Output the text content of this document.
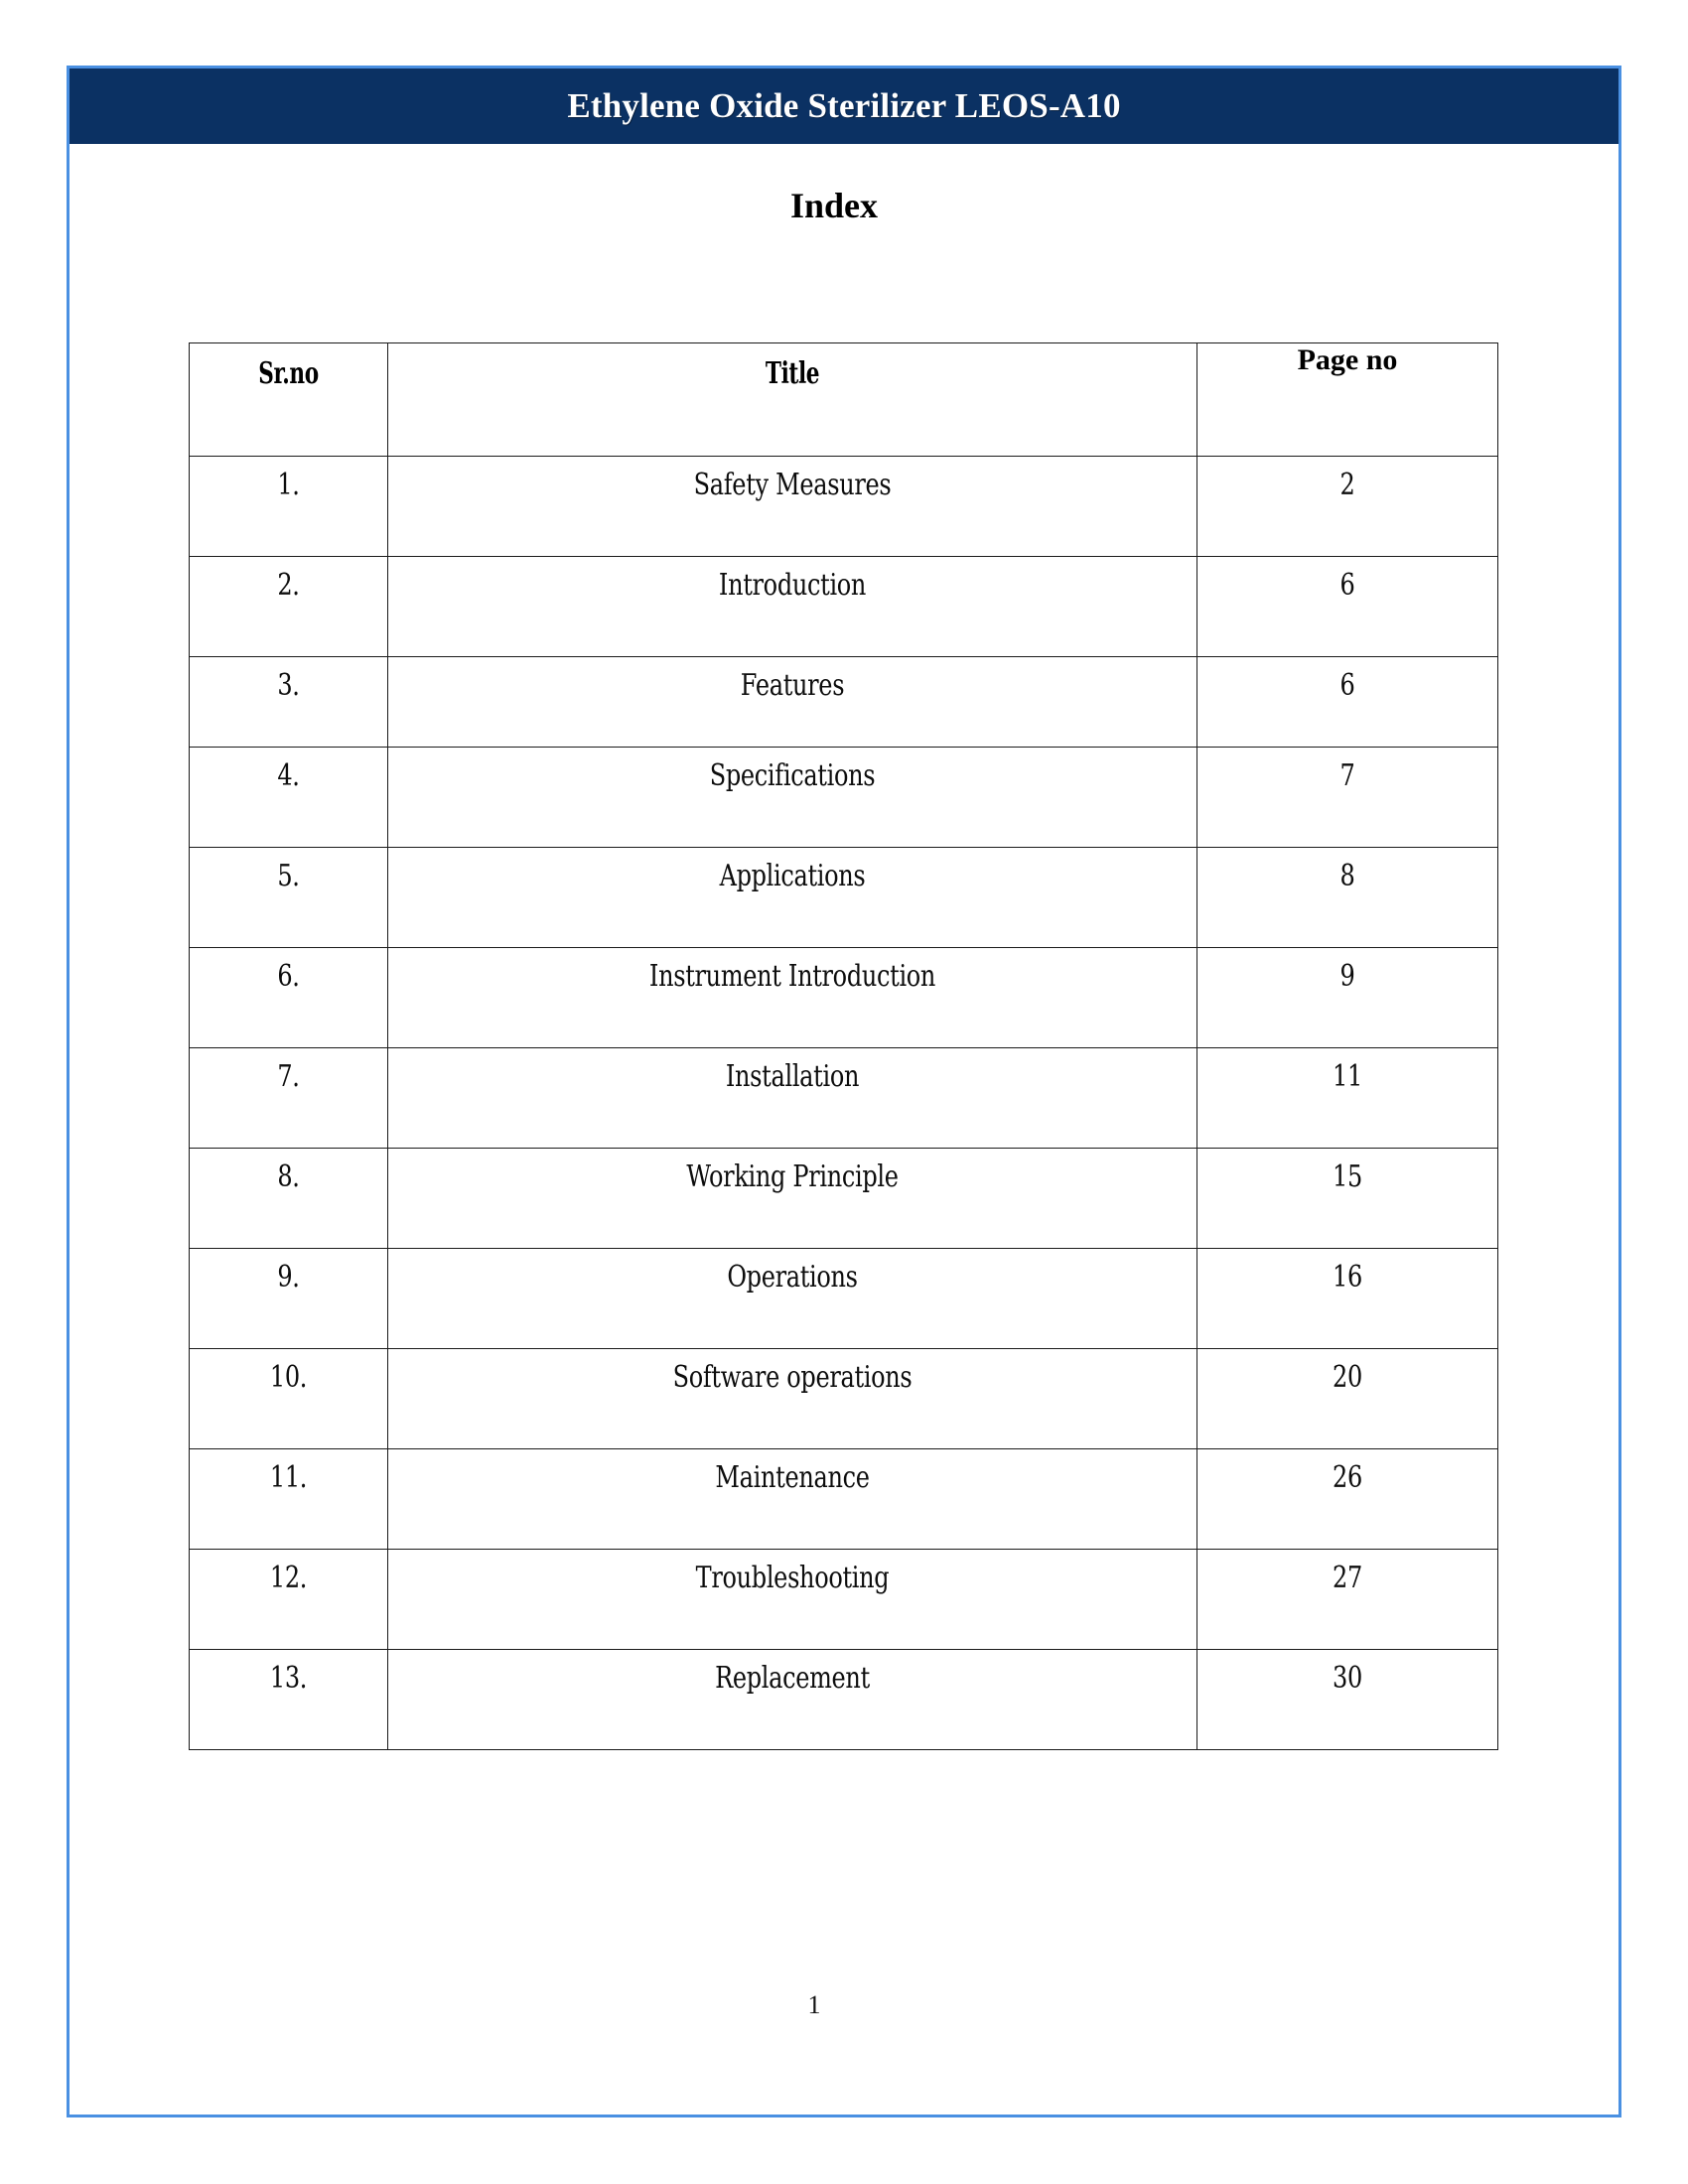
Ethylene Oxide Sterilizer LEOS-A10
Index
Sr.no	Title	Page no

1.	Safety Measures	2

2.	Introduction	6

3.	Features	6

4.	Specifications	7

5.	Applications	8

6.	Instrument Introduction	9

7.	Installation	11

8.	Working Principle	15

9.	Operations	16

10.	Software operations	20

11.	Maintenance	26

12.	Troubleshooting	27

13.	Replacement	30
1
